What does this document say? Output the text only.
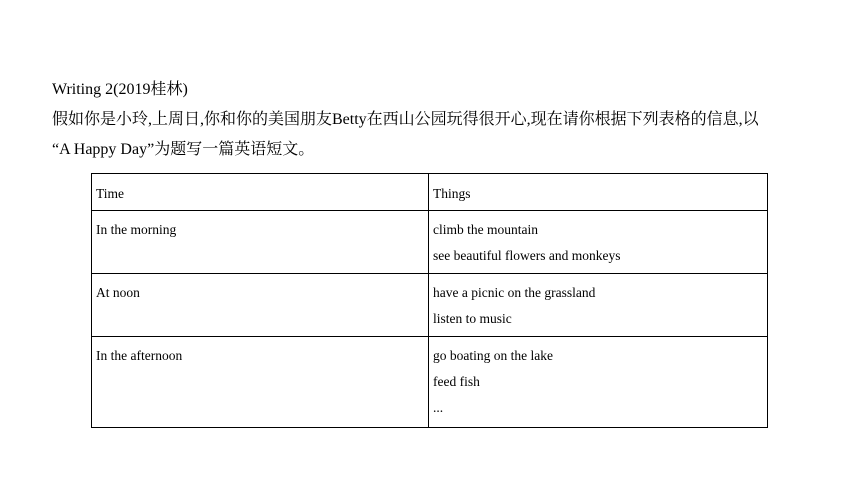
Writing 2(2019桂林)
假如你是小玲,上周日,你和你的美国朋友Betty在西山公园玩得很开心,现在请你根据下列表格的信息,以
“A Happy Day”为题写一篇英语短文。
Time	Things
In the morning	climb the mountain
see beautiful flowers and monkeys

At noon	have a picnic on the grassland
listen to music

In the afternoon	go boating on the lake
feed fish
...
